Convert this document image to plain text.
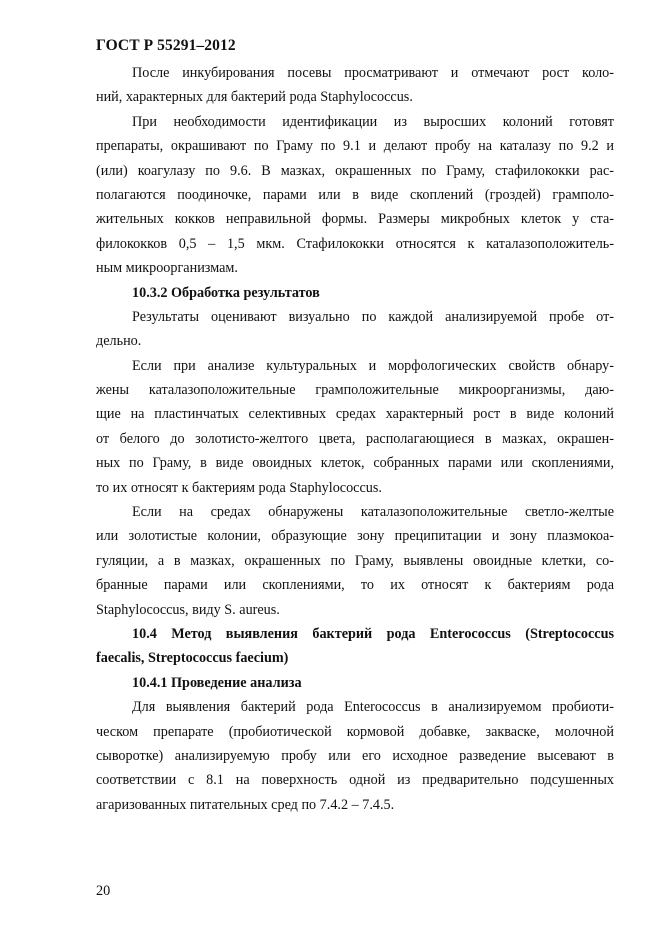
ГОСТ Р 55291–2012
После инкубирования посевы просматривают и отмечают рост коло-
ний, характерных для бактерий рода Staphylococcus.
При необходимости идентификации из выросших колоний готовят
препараты, окрашивают по Граму по 9.1 и делают пробу на каталазу по 9.2 и
(или) коагулазу по 9.6. В мазках, окрашенных по Граму, стафилококки рас-
полагаются поодиночке, парами или в виде скоплений (гроздей) грамполо-
жительных кокков неправильной формы. Размеры микробных клеток у ста-
филококков 0,5 – 1,5 мкм. Стафилококки относятся к каталазоположитель-
ным микроорганизмам.
10.3.2 Обработка результатов
Результаты оценивают визуально по каждой анализируемой пробе от-
дельно.
Если при анализе культуральных и морфологических свойств обнару-
жены каталазоположительные грамположительные микроорганизмы, даю-
щие на пластинчатых селективных средах характерный рост в виде колоний
от белого до золотисто-желтого цвета, располагающиеся в мазках, окрашен-
ных по Граму, в виде овоидных клеток, собранных парами или скоплениями,
то их относят к бактериям рода Staphylococcus.
Если на средах обнаружены каталазоположительные светло-желтые
или золотистые колонии, образующие зону преципитации и зону плазмокоа-
гуляции, а в мазках, окрашенных по Граму, выявлены овоидные клетки, со-
бранные парами или скоплениями, то их относят к бактериям рода
Staphylococcus, виду S. aureus.
10.4 Метод выявления бактерий рода Enterococcus (Streptococcus
faecalis, Streptococcus faecium)
10.4.1 Проведение анализа
Для выявления бактерий рода Enterococcus в анализируемом пробиоти-
ческом препарате (пробиотической кормовой добавке, закваске, молочной
сыворотке) анализируемую пробу или его исходное разведение высевают в
соответствии с 8.1 на поверхность одной из предварительно подсушенных
агаризованных питательных сред по 7.4.2 – 7.4.5.
20
